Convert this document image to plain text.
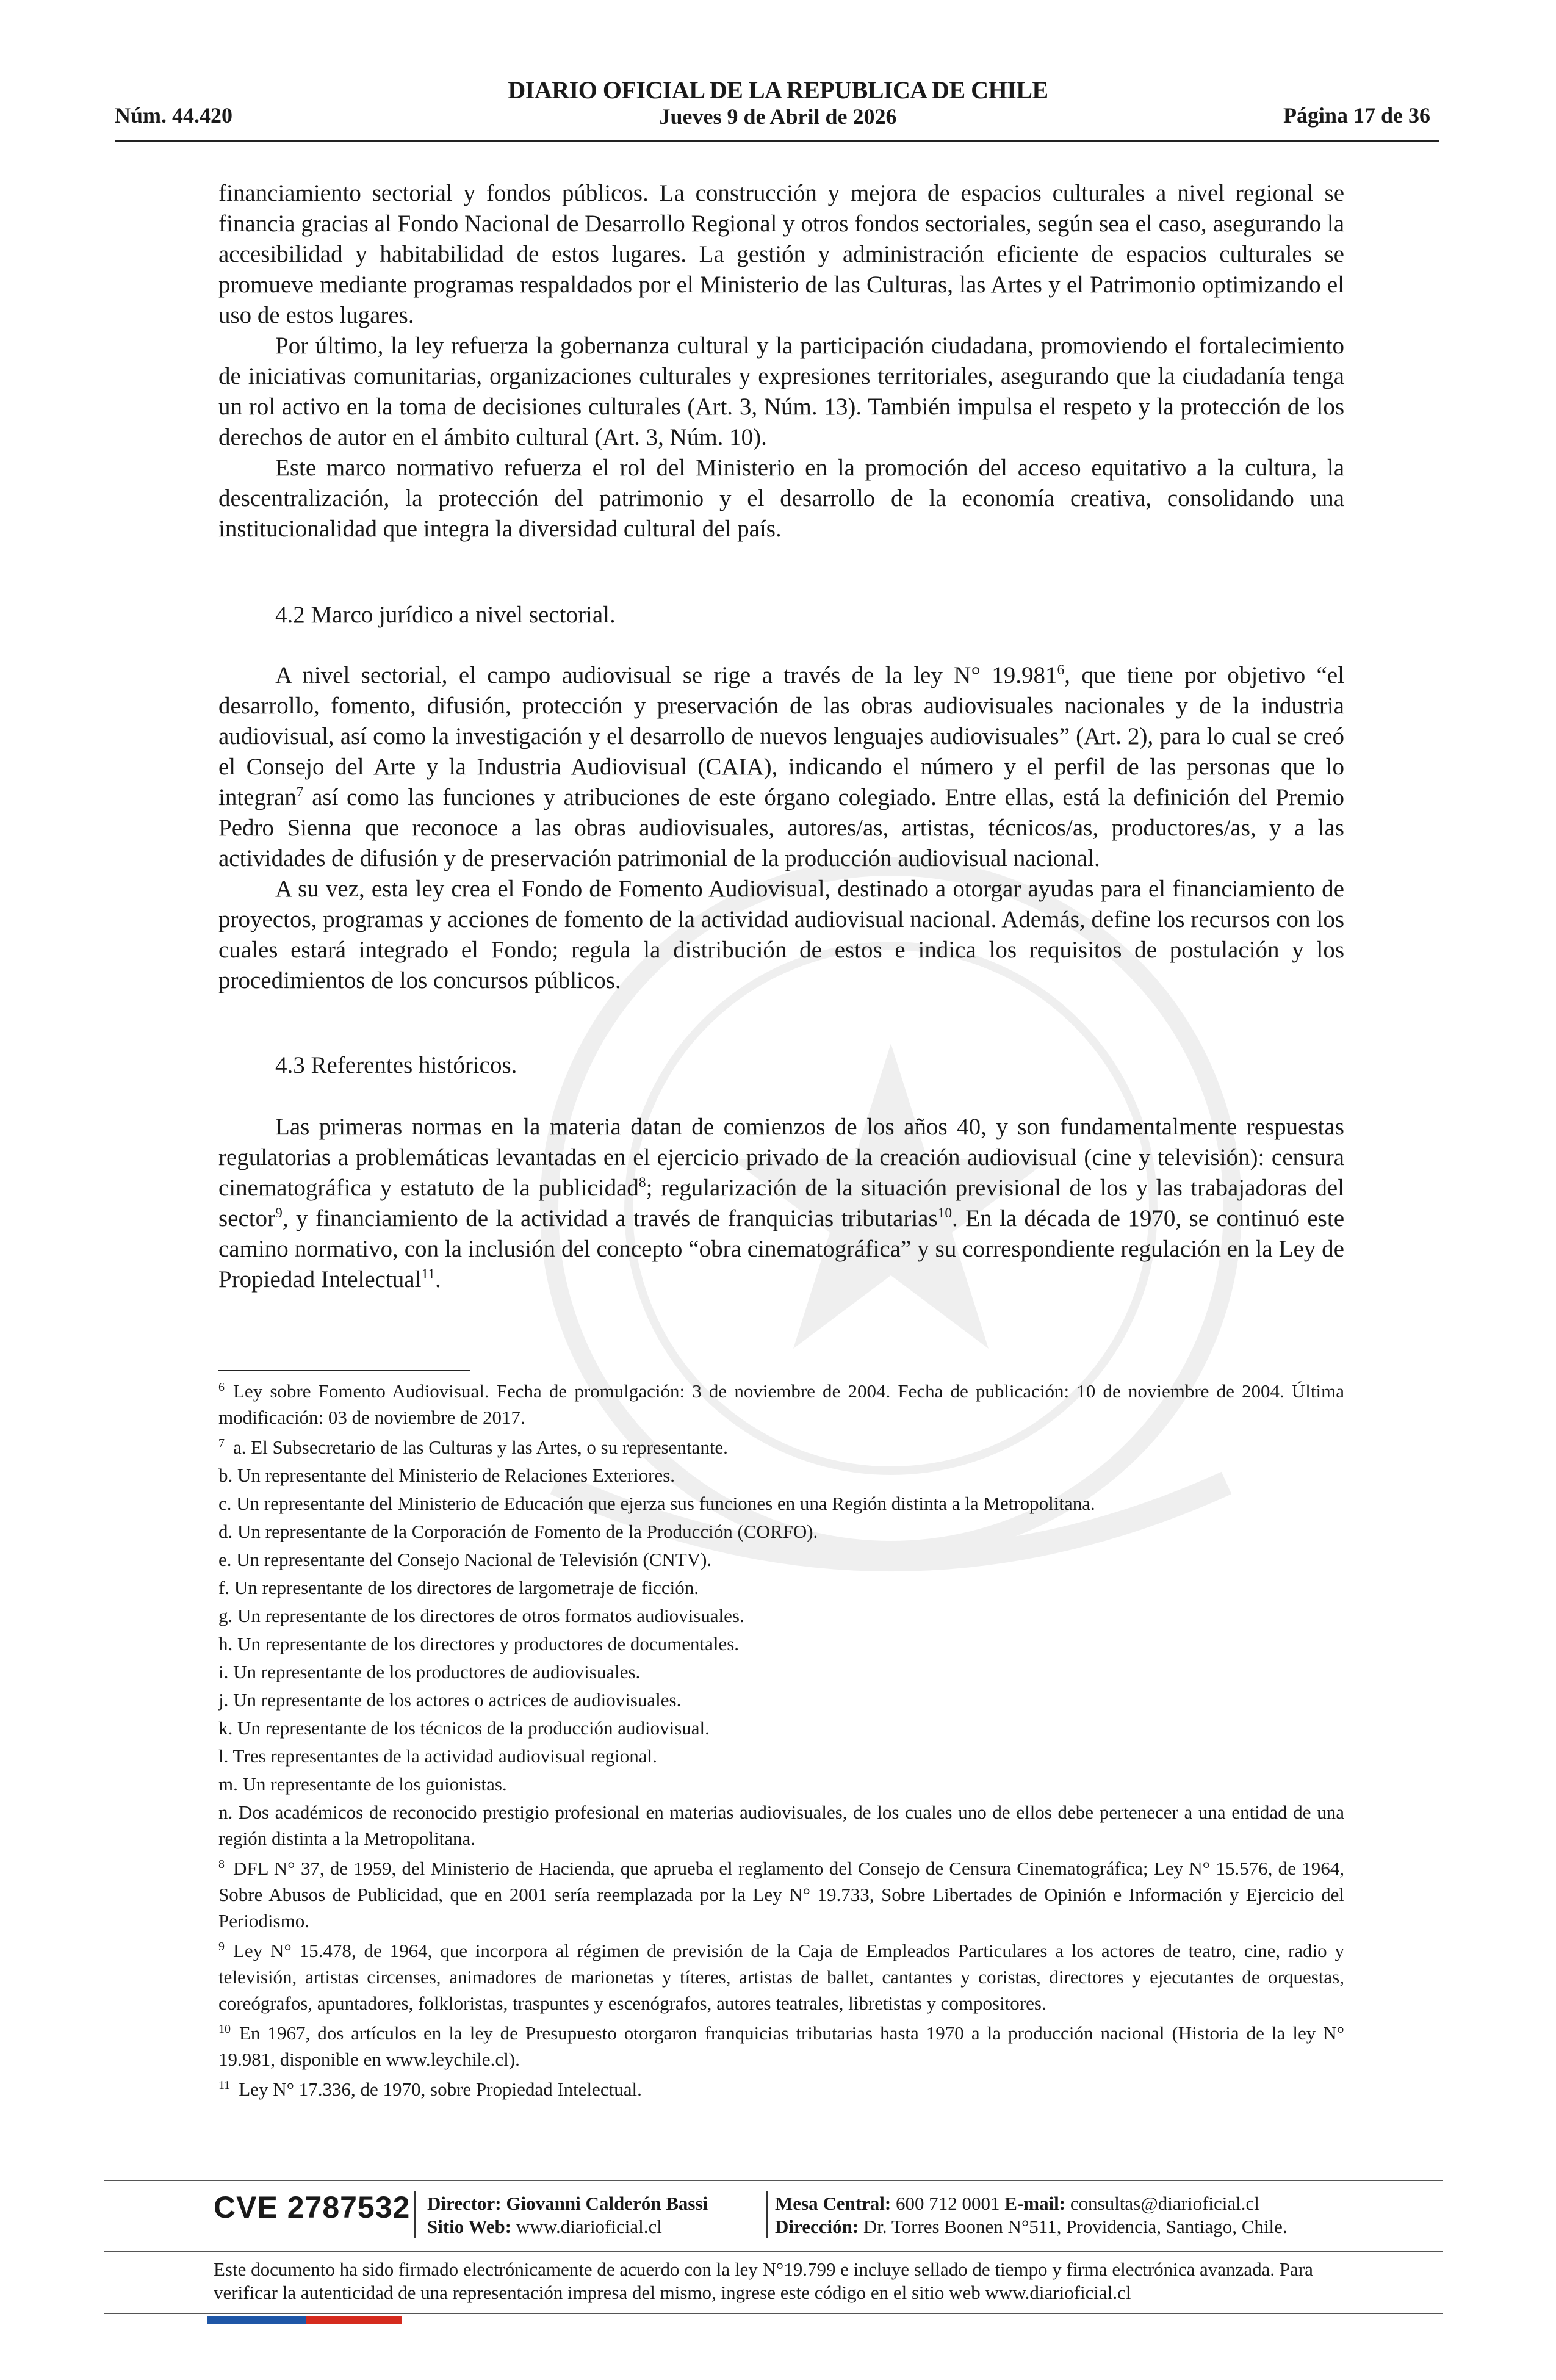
Núm. 44.420
DIARIO OFICIAL DE LA REPUBLICA DE CHILE
Jueves 9 de Abril de 2026	Página 17 de 36

financiamiento sectorial y fondos públicos. La construcción y mejora de espacios culturales a nivel regional se financia gracias al Fondo Nacional de Desarrollo Regional y otros fondos sectoriales, según sea el caso, asegurando la accesibilidad y habitabilidad de estos lugares. La gestión y administración eficiente de espacios culturales se promueve mediante programas respaldados por el Ministerio de las Culturas, las Artes y el Patrimonio optimizando el uso de estos lugares.

Por último, la ley refuerza la gobernanza cultural y la participación ciudadana, promoviendo el fortalecimiento de iniciativas comunitarias, organizaciones culturales y expresiones territoriales, asegurando que la ciudadanía tenga un rol activo en la toma de decisiones culturales (Art. 3, Núm. 13). También impulsa el respeto y la protección de los derechos de autor en el ámbito cultural (Art. 3, Núm. 10).

Este marco normativo refuerza el rol del Ministerio en la promoción del acceso equitativo a la cultura, la descentralización, la protección del patrimonio y el desarrollo de la economía creativa, consolidando una institucionalidad que integra la diversidad cultural del país.

4.2 Marco jurídico a nivel sectorial.

A nivel sectorial, el campo audiovisual se rige a través de la ley N° 19.981$^6$, que tiene por objetivo “el desarrollo, fomento, difusión, protección y preservación de las obras audiovisuales nacionales y de la industria audiovisual, así como la investigación y el desarrollo de nuevos lenguajes audiovisuales” (Art. 2), para lo cual se creó el Consejo del Arte y la Industria Audiovisual (CAIA), indicando el número y el perfil de las personas que lo integran$^7$ así como las funciones y atribuciones de este órgano colegiado. Entre ellas, está la definición del Premio Pedro Sienna que reconoce a las obras audiovisuales, autores/as, artistas, técnicos/as, productores/as, y a las actividades de difusión y de preservación patrimonial de la producción audiovisual nacional.

A su vez, esta ley crea el Fondo de Fomento Audiovisual, destinado a otorgar ayudas para el financiamiento de proyectos, programas y acciones de fomento de la actividad audiovisual nacional. Además, define los recursos con los cuales estará integrado el Fondo; regula la distribución de estos e indica los requisitos de postulación y los procedimientos de los concursos públicos.

4.3 Referentes históricos.

Las primeras normas en la materia datan de comienzos de los años 40, y son fundamentalmente respuestas regulatorias a problemáticas levantadas en el ejercicio privado de la creación audiovisual (cine y televisión): censura cinematográfica y estatuto de la publicidad$^8$; regularización de la situación previsional de los y las trabajadoras del sector$^9$, y financiamiento de la actividad a través de franquicias tributarias$^{10}$. En la década de 1970, se continuó este camino normativo, con la inclusión del concepto “obra cinematográfica” y su correspondiente regulación en la Ley de Propiedad Intelectual$^{11}$.

$^6$ Ley sobre Fomento Audiovisual. Fecha de promulgación: 3 de noviembre de 2004. Fecha de publicación: 10 de noviembre de 2004. Última modificación: 03 de noviembre de 2017.
$^7$ a. El Subsecretario de las Culturas y las Artes, o su representante.
b. Un representante del Ministerio de Relaciones Exteriores.
c. Un representante del Ministerio de Educación que ejerza sus funciones en una Región distinta a la Metropolitana.
d. Un representante de la Corporación de Fomento de la Producción (CORFO).
e. Un representante del Consejo Nacional de Televisión (CNTV).
f. Un representante de los directores de largometraje de ficción.
g. Un representante de los directores de otros formatos audiovisuales.
h. Un representante de los directores y productores de documentales.
i. Un representante de los productores de audiovisuales.
j. Un representante de los actores o actrices de audiovisuales.
k. Un representante de los técnicos de la producción audiovisual.
l. Tres representantes de la actividad audiovisual regional.
m. Un representante de los guionistas.
n. Dos académicos de reconocido prestigio profesional en materias audiovisuales, de los cuales uno de ellos debe pertenecer a una entidad de una región distinta a la Metropolitana.
$^8$ DFL N° 37, de 1959, del Ministerio de Hacienda, que aprueba el reglamento del Consejo de Censura Cinematográfica; Ley N° 15.576, de 1964, Sobre Abusos de Publicidad, que en 2001 sería reemplazada por la Ley N° 19.733, Sobre Libertades de Opinión e Información y Ejercicio del Periodismo.
$^9$ Ley N° 15.478, de 1964, que incorpora al régimen de previsión de la Caja de Empleados Particulares a los actores de teatro, cine, radio y televisión, artistas circenses, animadores de marionetas y títeres, artistas de ballet, cantantes y coristas, directores y ejecutantes de orquestas, coreógrafos, apuntadores, folkloristas, traspuntes y escenógrafos, autores teatrales, libretistas y compositores.
$^{10}$ En 1967, dos artículos en la ley de Presupuesto otorgaron franquicias tributarias hasta 1970 a la producción nacional (Historia de la ley N° 19.981, disponible en www.leychile.cl).
$^{11}$ Ley N° 17.336, de 1970, sobre Propiedad Intelectual.
CVE 2787532 Director: Giovanni Calderón Bassi
Sitio Web: www.diarioficial.cl
Mesa Central: 600 712 0001 E-mail: consultas@diarioficial.cl
Dirección: Dr. Torres Boonen N°511, Providencia, Santiago, Chile.
Este documento ha sido firmado electrónicamente de acuerdo con la ley N°19.799 e incluye sellado de tiempo y firma electrónica avanzada. Para verificar la autenticidad de una representación impresa del mismo, ingrese este código en el sitio web www.diarioficial.cl
